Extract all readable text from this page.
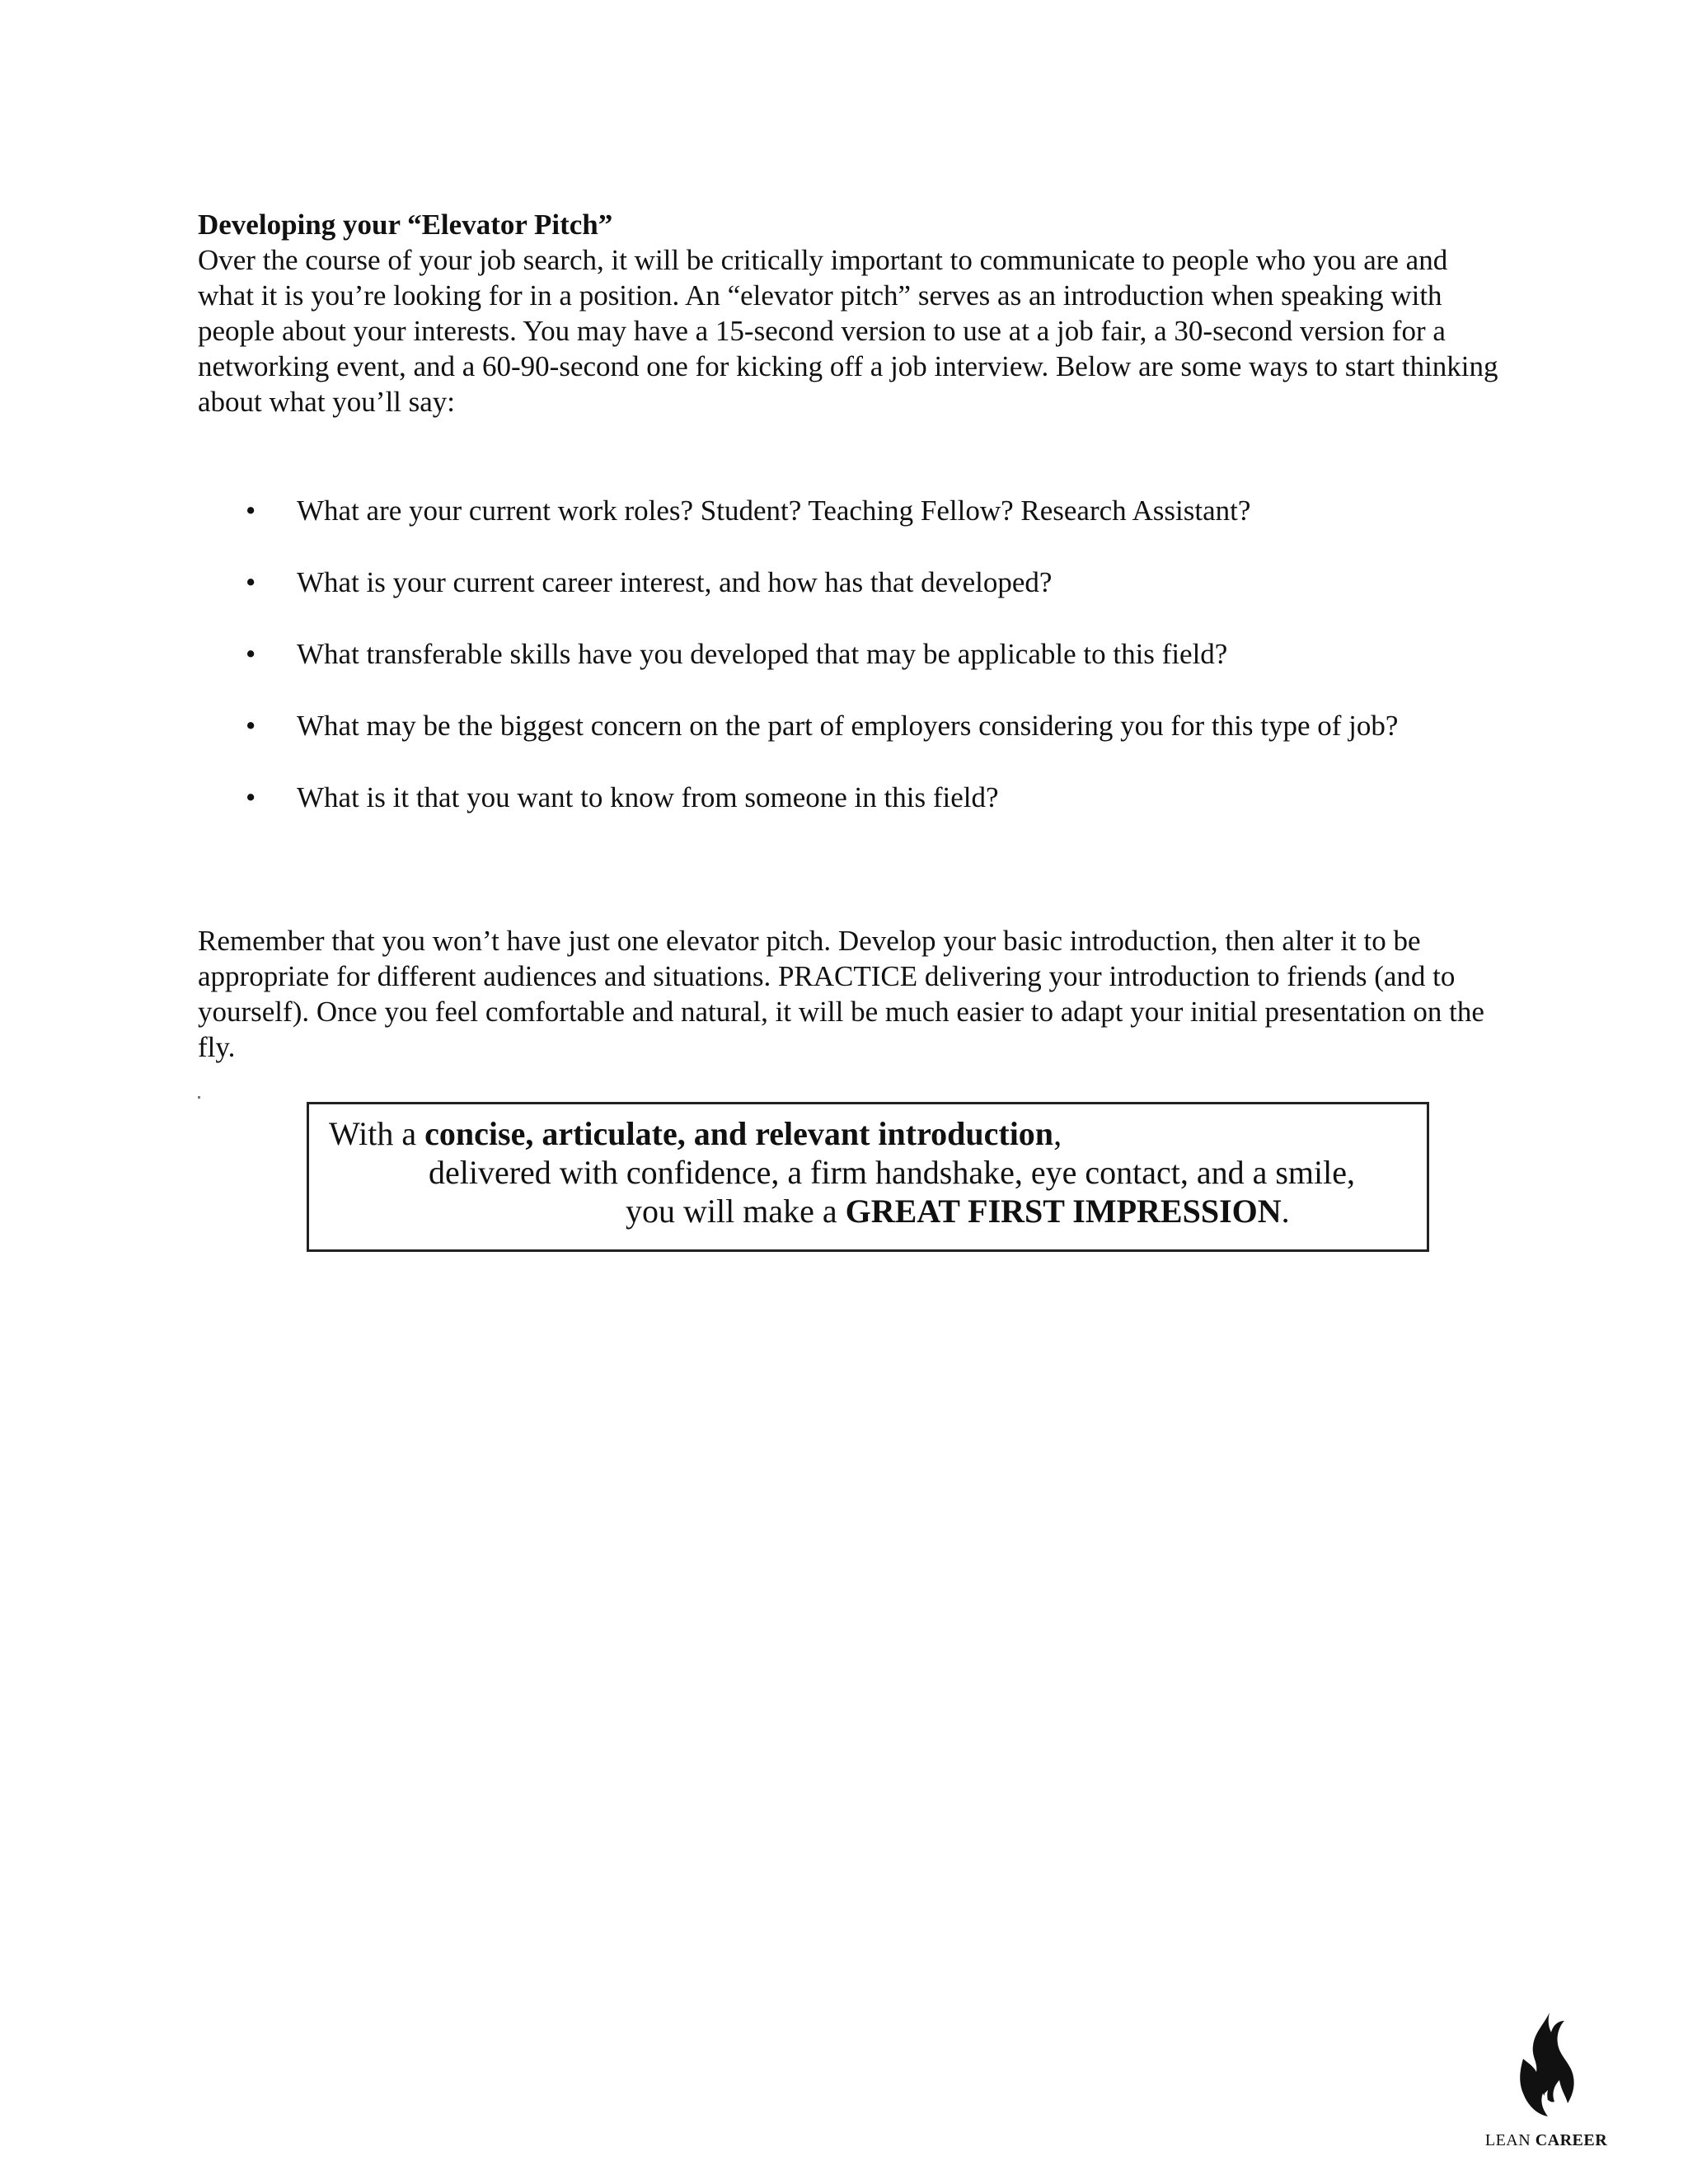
Developing your “Elevator Pitch”

Over the course of your job search, it will be critically important to communicate to people who you are and what it is you’re looking for in a position. An “elevator pitch” serves as an introduction when speaking with people about your interests. You may have a 15-second version to use at a job fair, a 30-second version for a networking event, and a 60-90-second one for kicking off a job interview. Below are some ways to start thinking about what you’ll say:

• What are your current work roles? Student? Teaching Fellow? Research Assistant?
• What is your current career interest, and how has that developed?
• What transferable skills have you developed that may be applicable to this field?
• What may be the biggest concern on the part of employers considering you for this type of job?
• What is it that you want to know from someone in this field?

Remember that you won’t have just one elevator pitch. Develop your basic introduction, then alter it to be appropriate for different audiences and situations. PRACTICE delivering your introduction to friends (and to yourself). Once you feel comfortable and natural, it will be much easier to adapt your initial presentation on the fly.

With a concise, articulate, and relevant introduction,
delivered with confidence, a firm handshake, eye contact, and a smile,
you will make a GREAT FIRST IMPRESSION.
LEAN CAREER
